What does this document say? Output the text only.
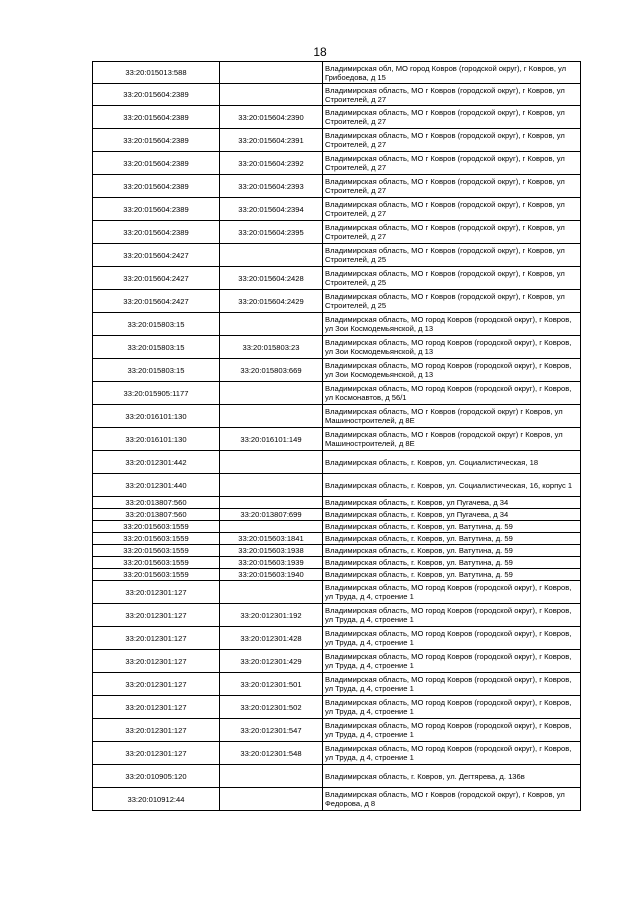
18
33:20:015013:588		Владимирская обл, МО город Ковров (городской округ), г Ковров, ул Грибоедова, д 15
33:20:015604:2389		Владимирская область, МО г Ковров (городской округ), г Ковров, ул Строителей, д 27
33:20:015604:2389	33:20:015604:2390	Владимирская область, МО г Ковров (городской округ), г Ковров, ул Строителей, д 27
33:20:015604:2389	33:20:015604:2391	Владимирская область, МО г Ковров (городской округ), г Ковров, ул Строителей, д 27
33:20:015604:2389	33:20:015604:2392	Владимирская область, МО г Ковров (городской округ), г Ковров, ул Строителей, д 27
33:20:015604:2389	33:20:015604:2393	Владимирская область, МО г Ковров (городской округ), г Ковров, ул Строителей, д 27
33:20:015604:2389	33:20:015604:2394	Владимирская область, МО г Ковров (городской округ), г Ковров, ул Строителей, д 27
33:20:015604:2389	33:20:015604:2395	Владимирская область, МО г Ковров (городской округ), г Ковров, ул Строителей, д 27
33:20:015604:2427		Владимирская область, МО г Ковров (городской округ), г Ковров, ул Строителей, д 25
33:20:015604:2427	33:20:015604:2428	Владимирская область, МО г Ковров (городской округ), г Ковров, ул Строителей, д 25
33:20:015604:2427	33:20:015604:2429	Владимирская область, МО г Ковров (городской округ), г Ковров, ул Строителей, д 25
33:20:015803:15		Владимирская область, МО город Ковров (городской округ), г Ковров, ул Зои Космодемьянской, д 13
33:20:015803:15	33:20:015803:23	Владимирская область, МО город Ковров (городской округ), г Ковров, ул Зои Космодемьянской, д 13
33:20:015803:15	33:20:015803:669	Владимирская область, МО город Ковров (городской округ), г Ковров, ул Зои Космодемьянской, д 13
33:20:015905:1177		Владимирская область, МО город Ковров (городской округ), г Ковров, ул Космонавтов, д 56/1
33:20:016101:130		Владимирская область, МО г Ковров (городской округ) г Ковров, ул Машиностроителей, д 8Е
33:20:016101:130	33:20:016101:149	Владимирская область, МО г Ковров (городской округ) г Ковров, ул Машиностроителей, д 8Е
33:20:012301:442		Владимирская область, г. Ковров, ул. Социалистическая, 18
33:20:012301:440		Владимирская область, г. Ковров, ул. Социалистическая, 16, корпус 1
33:20:013807:560		Владимирская область, г. Ковров, ул Пугачева, д 34
33:20:013807:560	33:20:013807:699	Владимирская область, г. Ковров, ул Пугачева, д 34
33:20:015603:1559		Владимирская область, г. Ковров, ул. Ватутина, д. 59
33:20:015603:1559	33:20:015603:1841	Владимирская область, г. Ковров, ул. Ватутина, д. 59
33:20:015603:1559	33:20:015603:1938	Владимирская область, г. Ковров, ул. Ватутина, д. 59
33:20:015603:1559	33:20:015603:1939	Владимирская область, г. Ковров, ул. Ватутина, д. 59
33:20:015603:1559	33:20:015603:1940	Владимирская область, г. Ковров, ул. Ватутина, д. 59
33:20:012301:127		Владимирская область, МО город Ковров (городской округ), г Ковров, ул Труда, д 4, строение 1
33:20:012301:127	33:20:012301:192	Владимирская область, МО город Ковров (городской округ), г Ковров, ул Труда, д 4, строение 1
33:20:012301:127	33:20:012301:428	Владимирская область, МО город Ковров (городской округ), г Ковров, ул Труда, д 4, строение 1
33:20:012301:127	33:20:012301:429	Владимирская область, МО город Ковров (городской округ), г Ковров, ул Труда, д 4, строение 1
33:20:012301:127	33:20:012301:501	Владимирская область, МО город Ковров (городской округ), г Ковров, ул Труда, д 4, строение 1
33:20:012301:127	33:20:012301:502	Владимирская область, МО город Ковров (городской округ), г Ковров, ул Труда, д 4, строение 1
33:20:012301:127	33:20:012301:547	Владимирская область, МО город Ковров (городской округ), г Ковров, ул Труда, д 4, строение 1
33:20:012301:127	33:20:012301:548	Владимирская область, МО город Ковров (городской округ), г Ковров, ул Труда, д 4, строение 1
33:20:010905:120		Владимирская область, г. Ковров, ул. Дегтярева, д. 136в
33:20:010912:44		Владимирская область, МО г Ковров (городской округ), г Ковров, ул Федорова, д 8
